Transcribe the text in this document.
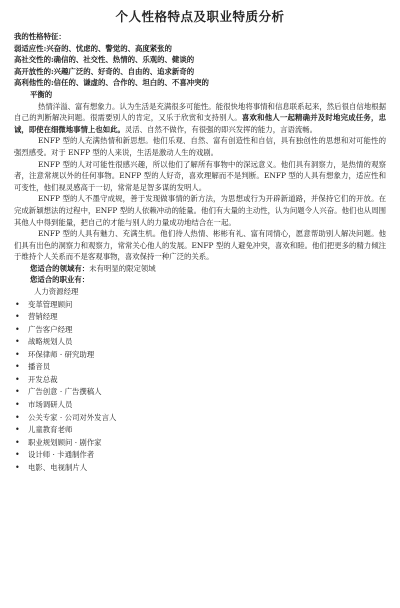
个人性格特点及职业特质分析
我的性格特征：
弱适应性:兴奋的、忧虑的、警觉的、高度紧张的
高社交性的:确信的、社交性、热情的、乐观的、健谈的
高开放性的:兴趣广泛的、好奇的、自由的、追求新奇的
高利他性的:信任的、谦虚的、合作的、坦白的、不喜冲突的
平衡的
热情洋溢、富有想象力。认为生活是充满很多可能性。能很快地将事情和信息联系起来，然后很自信地根据自己的判断解决问题。很需要别人的肯定，又乐于欣赏和支持别人。喜欢和他人一起精确并及时地完成任务，忠诚，即使在细微地事情上也如此。灵活、自然不做作，有很强的即兴发挥的能力，言语流畅。
ENFP 型的人充满热情和新思想。他们乐观、自然、富有创造性和自信，具有独创性的思想和对可能性的强烈感受。对于 ENFP 型的人来说，生活是激动人生的戏剧。
ENFP 型的人对可能性很感兴趣，所以他们了解所有事物中的深远意义。他们具有洞察力，是热情的观察者，注意常规以外的任何事物。ENFP 型的人好奇，喜欢理解而不是判断。ENFP 型的人具有想象力，适应性和可变性，他们视灵感高于一切，常常是足智多谋的发明人。
ENFP 型的人不墨守成规，善于发现做事情的新方法，为思想或行为开辟新道路，并保持它们的开放。在完成新颖想法的过程中，ENFP 型的人依赖冲动的能量。他们有大量的主动性，认为问题令人兴奋。他们也从周围其他人中得到能量，把自己的才能与别人的力量成功地结合在一起。
ENFP 型的人具有魅力、充满生机。他们待人热情、彬彬有礼、富有同情心，愿意帮助别人解决问题。他们具有出色的洞察力和观察力，常常关心他人的发展。ENFP 型的人避免冲突，喜欢和睦。他们把更多的精力倾注于维持个人关系而不是客观事物，喜欢保持一种广泛的关系。
您适合的领域有：未有明显的限定领域
您适合的职业有：
人力资源经理
• 变革管理顾问
• 营销经理
• 广告客户经理
• 战略规划人员
• 环保律师 · 研究助理
• 播音员
• 开发总裁
• 广告创意 · 广告撰稿人
• 市场调研人员
• 公关专家 · 公司对外发言人
• 儿童教育老师
• 职业规划顾问 · 剧作家
• 设计师 · 卡通制作者
• 电影、电视制片人
